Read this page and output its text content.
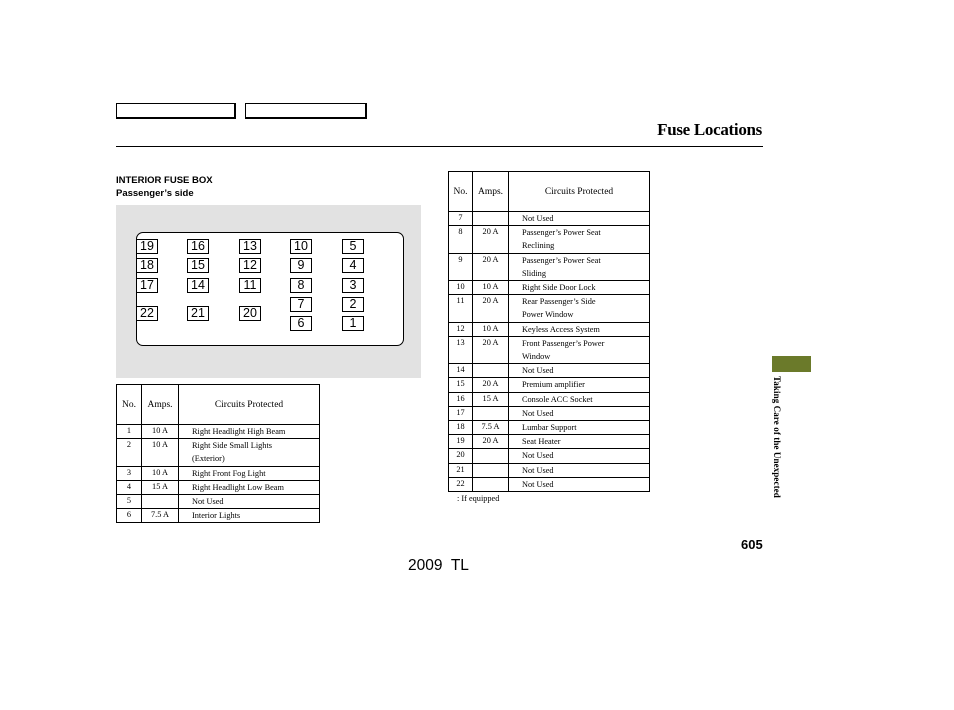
Fuse Locations
INTERIOR FUSE BOX
Passenger’s side
19	16	13	10	5
18	15	12	9	4
17	14	11	8	3
7	2
22	21	20
6	1
No.	Amps.	Circuits Protected
1	10 A	Right Headlight High Beam

2	10 A	Right Side Small Lights
(Exterior)

3	10 A	Right Front Fog Light

4	15 A	Right Headlight Low Beam

5		Not Used

6	7.5 A	Interior Lights
No.	Amps.	Circuits Protected
7		Not Used

8	20 A	Passenger’s Power Seat
Reclining

9	20 A	Passenger’s Power Seat
Sliding

10	10 A	Right Side Door Lock

11	20 A	Rear Passenger’s Side
Power Window

12	10 A	Keyless Access System

13	20 A	Front Passenger’s Power
Window

14		Not Used

15	20 A	Premium amplifier

16	15 A	Console ACC Socket

17		Not Used

18	7.5 A	Lumbar Support

19	20 A	Seat Heater

20		Not Used

21		Not Used

22		Not Used
: If equipped
Taking Care of the Unexpected
605
2009  TL
